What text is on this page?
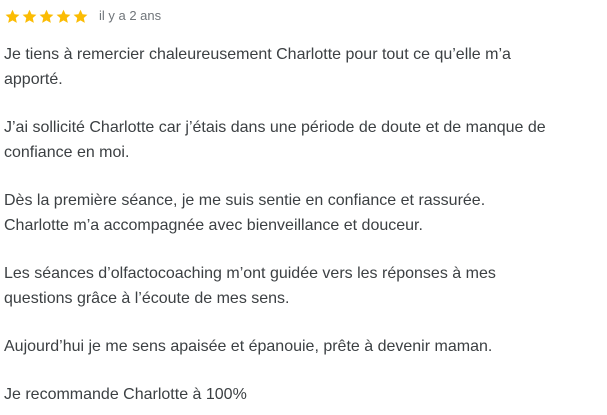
il y a 2 ans

Je tiens à remercier chaleureusement Charlotte pour tout ce qu’elle m’a
apporté.

J’ai sollicité Charlotte car j’étais dans une période de doute et de manque de
confiance en moi.

Dès la première séance, je me suis sentie en confiance et rassurée.
Charlotte m’a accompagnée avec bienveillance et douceur.

Les séances d’olfactocoaching m’ont guidée vers les réponses à mes
questions grâce à l’écoute de mes sens.

Aujourd’hui je me sens apaisée et épanouie, prête à devenir maman.

Je recommande Charlotte à 100%
